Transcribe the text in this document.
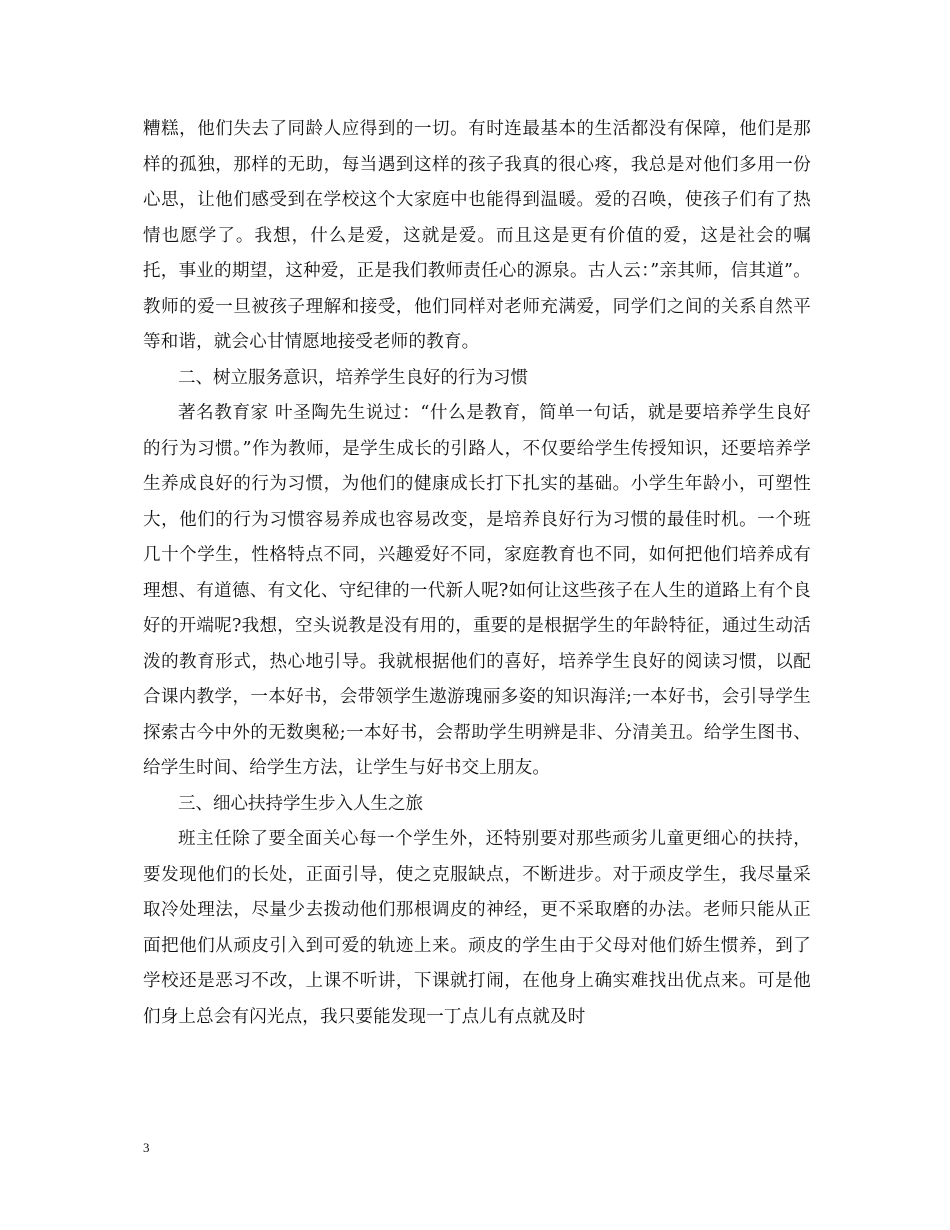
糟糕，他们失去了同龄人应得到的一切。有时连最基本的生活都没有保障，他们是那样的孤独，那样的无助，每当遇到这样的孩子我真的很心疼，我总是对他们多用一份心思，让他们感受到在学校这个大家庭中也能得到温暖。爱的召唤，使孩子们有了热情也愿学了。我想，什么是爱，这就是爱。而且这是更有价值的爱，这是社会的嘱托，事业的期望，这种爱，正是我们教师责任心的源泉。古人云：”亲其师，信其道”。教师的爱一旦被孩子理解和接受，他们同样对老师充满爱，同学们之间的关系自然平等和谐，就会心甘情愿地接受老师的教育。

二、树立服务意识，培养学生良好的行为习惯

著名教育家 叶圣陶先生说过：“什么是教育，简单一句话，就是要培养学生良好的行为习惯。”作为教师，是学生成长的引路人，不仅要给学生传授知识，还要培养学生养成良好的行为习惯，为他们的健康成长打下扎实的基础。小学生年龄小，可塑性大，他们的行为习惯容易养成也容易改变，是培养良好行为习惯的最佳时机。一个班几十个学生，性格特点不同，兴趣爱好不同，家庭教育也不同，如何把他们培养成有理想、有道德、有文化、守纪律的一代新人呢?如何让这些孩子在人生的道路上有个良好的开端呢?我想，空头说教是没有用的，重要的是根据学生的年龄特征，通过生动活泼的教育形式，热心地引导。我就根据他们的喜好，培养学生良好的阅读习惯，以配合课内教学，一本好书，会带领学生遨游瑰丽多姿的知识海洋;一本好书，会引导学生探索古今中外的无数奥秘;一本好书，会帮助学生明辨是非、分清美丑。给学生图书、给学生时间、给学生方法，让学生与好书交上朋友。

三、细心扶持学生步入人生之旅

班主任除了要全面关心每一个学生外，还特别要对那些顽劣儿童更细心的扶持，要发现他们的长处，正面引导，使之克服缺点，不断进步。对于顽皮学生，我尽量采取冷处理法，尽量少去拨动他们那根调皮的神经，更不采取磨的办法。老师只能从正面把他们从顽皮引入到可爱的轨迹上来。顽皮的学生由于父母对他们娇生惯养，到了学校还是恶习不改，上课不听讲，下课就打闹，在他身上确实难找出优点来。可是他们身上总会有闪光点，我只要能发现一丁点儿有点就及时

3
